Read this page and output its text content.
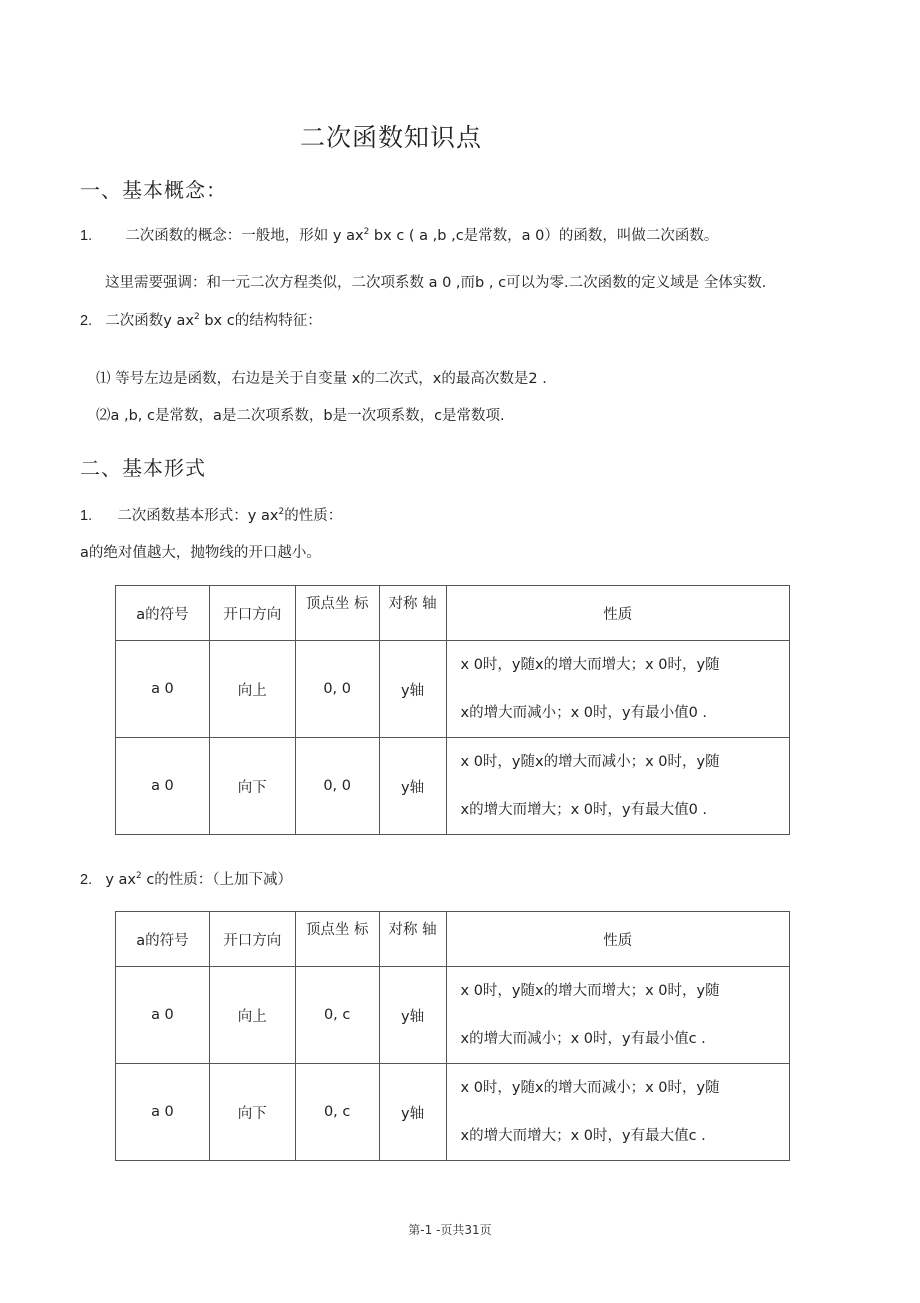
二次函数知识点
一、基本概念：
1. 二次函数的概念：一般地，形如 y $ax^2$ bx c ( a ,b ,c是常数，a 0）的函数，叫做二次函数。
这里需要强调：和一元二次方程类似，二次项系数 a 0 ,而b , c可以为零.二次函数的定义域是 全体实数.
2. 二次函数y $ax^2$ bx c的结构特征：
⑴ 等号左边是函数，右边是关于自变量 x的二次式，x的最高次数是2 .
⑵a ,b, c是常数，a是二次项系数，b是一次项系数，c是常数项.
二、基本形式
1. 二次函数基本形式：y $ax^2$的性质：
a的绝对值越大，抛物线的开口越小。
a的符号	开口方向	顶点坐 标	对称 轴	性质
a 0	向上	0, 0	y轴	x 0时，y随x的增大而增大；x 0时，y随
x的增大而减小；x 0时，y有最小值0 .

a 0	向下	0, 0	y轴	x 0时，y随x的增大而减小；x 0时，y随
x的增大而增大；x 0时，y有最大值0 .
2. y $ax^2$ c的性质：（上加下减）
a的符号	开口方向	顶点坐 标	对称 轴	性质
a 0	向上	0, c	y轴	x 0时，y随x的增大而增大；x 0时，y随
x的增大而减小；x 0时，y有最小值c .

a 0	向下	0, c	y轴	x 0时，y随x的增大而减小；x 0时，y随
x的增大而增大；x 0时，y有最大值c .
第-1 -页共31页
